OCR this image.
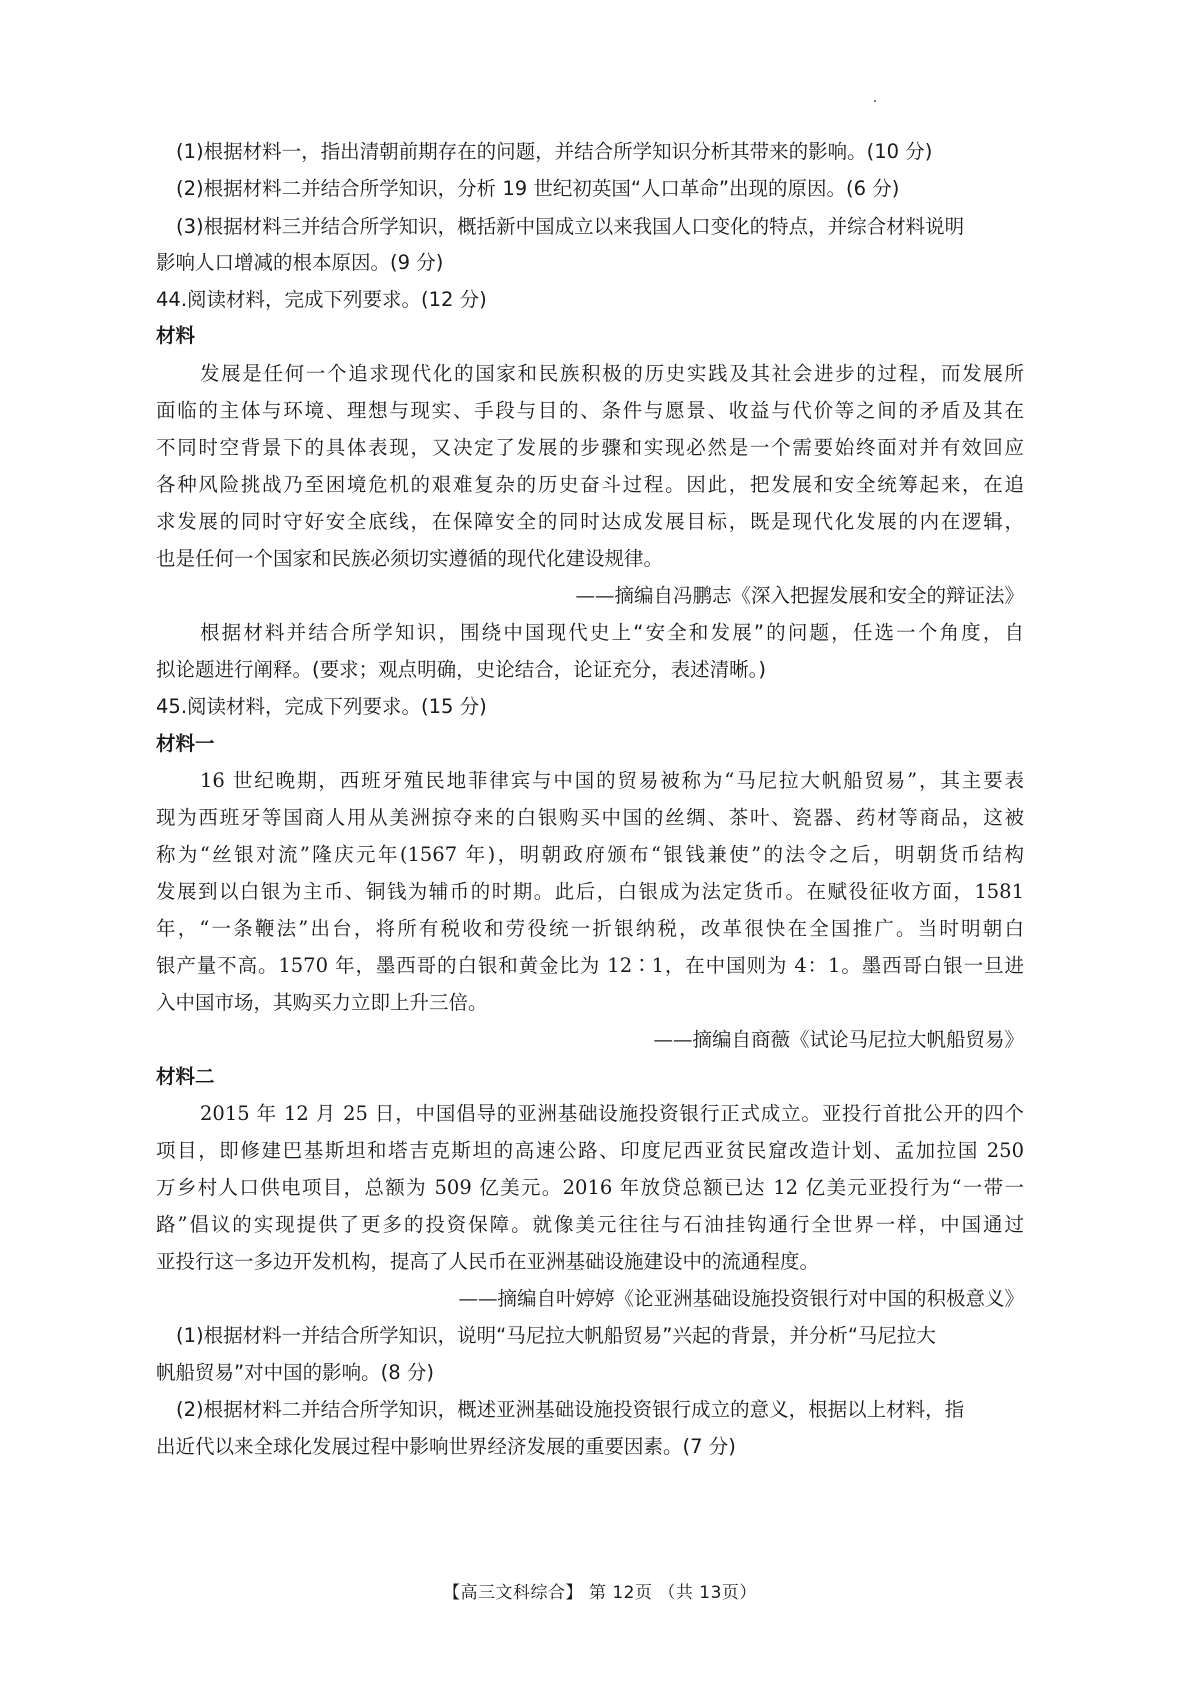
(1)根据材料一，指出清朝前期存在的问题，并结合所学知识分析其带来的影响。(10 分)
(2)根据材料二并结合所学知识，分析 19 世纪初英国“人口革命”出现的原因。(6 分)
(3)根据材料三并结合所学知识，概括新中国成立以来我国人口变化的特点，并综合材料说明
影响人口增减的根本原因。(9 分)
44.阅读材料，完成下列要求。(12 分)
材料
发展是任何一个追求现代化的国家和民族积极的历史实践及其社会进步的过程，而发展所
面临的主体与环境、理想与现实、手段与目的、条件与愿景、收益与代价等之间的矛盾及其在
不同时空背景下的具体表现，又决定了发展的步骤和实现必然是一个需要始终面对并有效回应
各种风险挑战乃至困境危机的艰难复杂的历史奋斗过程。因此，把发展和安全统筹起来，在追
求发展的同时守好安全底线，在保障安全的同时达成发展目标，既是现代化发展的内在逻辑，
也是任何一个国家和民族必须切实遵循的现代化建设规律。
——摘编自冯鹏志《深入把握发展和安全的辩证法》
根据材料并结合所学知识，围绕中国现代史上“安全和发展”的问题，任选一个角度，自
拟论题进行阐释。(要求；观点明确，史论结合，论证充分，表述清晰。)
45.阅读材料，完成下列要求。(15 分)
材料一
16 世纪晚期，西班牙殖民地菲律宾与中国的贸易被称为“马尼拉大帆船贸易”，其主要表
现为西班牙等国商人用从美洲掠夺来的白银购买中国的丝绸、茶叶、瓷器、药材等商品，这被
称为“丝银对流”隆庆元年(1567 年)，明朝政府颁布“银钱兼使”的法令之后，明朝货币结构
发展到以白银为主币、铜钱为辅币的时期。此后，白银成为法定货币。在赋役征收方面，1581
年，“一条鞭法”出台，将所有税收和劳役统一折银纳税，改革很快在全国推广。当时明朝白
银产量不高。1570 年，墨西哥的白银和黄金比为 12∶1，在中国则为 4：1。墨西哥白银一旦进
入中国市场，其购买力立即上升三倍。
——摘编自商薇《试论马尼拉大帆船贸易》
材料二
2015 年 12 月 25 日，中国倡导的亚洲基础设施投资银行正式成立。亚投行首批公开的四个
项目，即修建巴基斯坦和塔吉克斯坦的高速公路、印度尼西亚贫民窟改造计划、孟加拉国 250
万乡村人口供电项目，总额为 509 亿美元。2016 年放贷总额已达 12 亿美元亚投行为“一带一
路”倡议的实现提供了更多的投资保障。就像美元往往与石油挂钩通行全世界一样，中国通过
亚投行这一多边开发机构，提高了人民币在亚洲基础设施建设中的流通程度。
——摘编自叶婷婷《论亚洲基础设施投资银行对中国的积极意义》
(1)根据材料一并结合所学知识，说明“马尼拉大帆船贸易”兴起的背景，并分析“马尼拉大
帆船贸易”对中国的影响。(8 分)
(2)根据材料二并结合所学知识，概述亚洲基础设施投资银行成立的意义，根据以上材料，指
出近代以来全球化发展过程中影响世界经济发展的重要因素。(7 分)
【高三文科综合】 第 12页 （共 13页）
